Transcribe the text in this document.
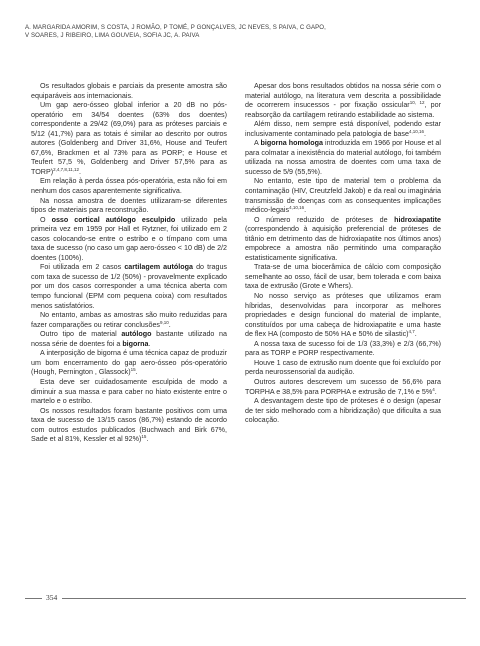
A. MARGARIDA AMORIM, S COSTA, J ROMÃO, P TOMÉ, P GONÇALVES, JC NEVES, S PAIVA, C GAPO,
V SOARES, J RIBEIRO, LIMA GOUVEIA, SOFIA JC, A. PAIVA

Os resultados globais e parciais da presente amostra são equiparáveis aos internacionais.

Um gap aero-ósseo global inferior a 20 dB no pós-operatório em 34/54 doentes (63% dos doentes) correspondente a 29/42 (69,0%) para as próteses parciais e 5/12 (41,7%) para as totais é similar ao descrito por outros autores (Goldenberg and Driver 31,6%, House and Teufert 67,6%, Brackmen et al 73% para as PORP; e House et Teufert 57,5 %, Goldenberg and Driver 57,5% para as TORP)$^{2,4,7,8,11,12}$.

Em relação à perda óssea pós-operatória, esta não foi em nenhum dos casos aparentemente significativa.

Na nossa amostra de doentes utilizaram-se diferentes tipos de materiais para reconstrução.

O osso cortical autólogo esculpido utilizado pela primeira vez em 1959 por Hall et Rytzner, foi utilizado em 2 casos colocando-se entre o estribo e o tímpano com uma taxa de sucesso (no caso um gap aero-ósseo < 10 dB) de 2/2 doentes (100%).

Foi utilizada em 2 casos cartilagem autóloga do tragus com taxa de sucesso de 1/2 (50%) - provavelmente explicado por um dos casos corresponder a uma técnica aberta com tempo funcional (EPM com pequena coixa) com resultados menos satisfatórios.

No entanto, ambas as amostras são muito reduzidas para fazer comparações ou retirar conclusões$^{9,10}$.

Outro tipo de material autólogo bastante utilizado na nossa série de doentes foi a bigorna.

A interposição de bigorna é uma técnica capaz de produzir um bom encerramento do gap aero-ósseo pós-operatório (Hough, Pernington , Glassock)$^{15}$.

Esta deve ser cuidadosamente esculpida de modo a diminuir a sua massa e para caber no hiato existente entre o martelo e o estribo.

Os nossos resultados foram bastante positivos com uma taxa de sucesso de 13/15 casos (86,7%) estando de acordo com outros estudos publicados (Buchwach and Birk 67%, Sade et al 81%, Kessler et al 92%)$^{15}$.

Apesar dos bons resultados obtidos na nossa série com o material autólogo, na literatura vem descrita a possibilidade de ocorrerem insucessos - por fixação ossicular$^{10, 12}$, por reabsorção da cartilagem retirando estabilidade ao sistema.

Além disso, nem sempre está disponível, podendo estar inclusivamente contaminado pela patologia de base$^{4,10,16}$.

A bigorna homologa introduzida em 1966 por House et al para colmatar a inexistência do material autólogo, foi também utilizada na nossa amostra de doentes com uma taxa de sucesso de 5/9 (55,5%).

No entanto, este tipo de material tem o problema da contaminação (HIV, Creutzfeld Jakob) e da real ou imaginária transmissão de doenças com as consequentes implicações médico-legais$^{4,10,16}$.

O número reduzido de próteses de hidroxiapatite (correspondendo à aquisição preferencial de próteses de titânio em detrimento das de hidroxiapatite nos últimos anos) empobrece a amostra não permitindo uma comparação estatisticamente significativa.

Trata-se de uma biocerâmica de cálcio com composição semelhante ao osso, fácil de usar, bem tolerada e com baixa taxa de extrusão (Grote e Whers).

No nosso serviço as próteses que utilizamos eram híbridas, desenvolvidas para incorporar as melhores propriedades e design funcional do material de implante, constituídos por uma cabeça de hidroxiapatite e uma haste de flex HA (composto de 50% HA e 50% de silastic)$^{4,7}$.

A nossa taxa de sucesso foi de 1/3 (33,3%) e 2/3 (66,7%) para as TORP e PORP respectivamente.

Houve 1 caso de extrusão num doente que foi excluído por perda neurossensorial da audição.

Outros autores descrevem um sucesso de 56,6% para TORPHA e 38,5% para PORPHA e extrusão de 7,1% e 5%$^4$.

A desvantagem deste tipo de próteses é o design (apesar de ter sido melhorado com a hibridização) que dificulta a sua colocação.

354
